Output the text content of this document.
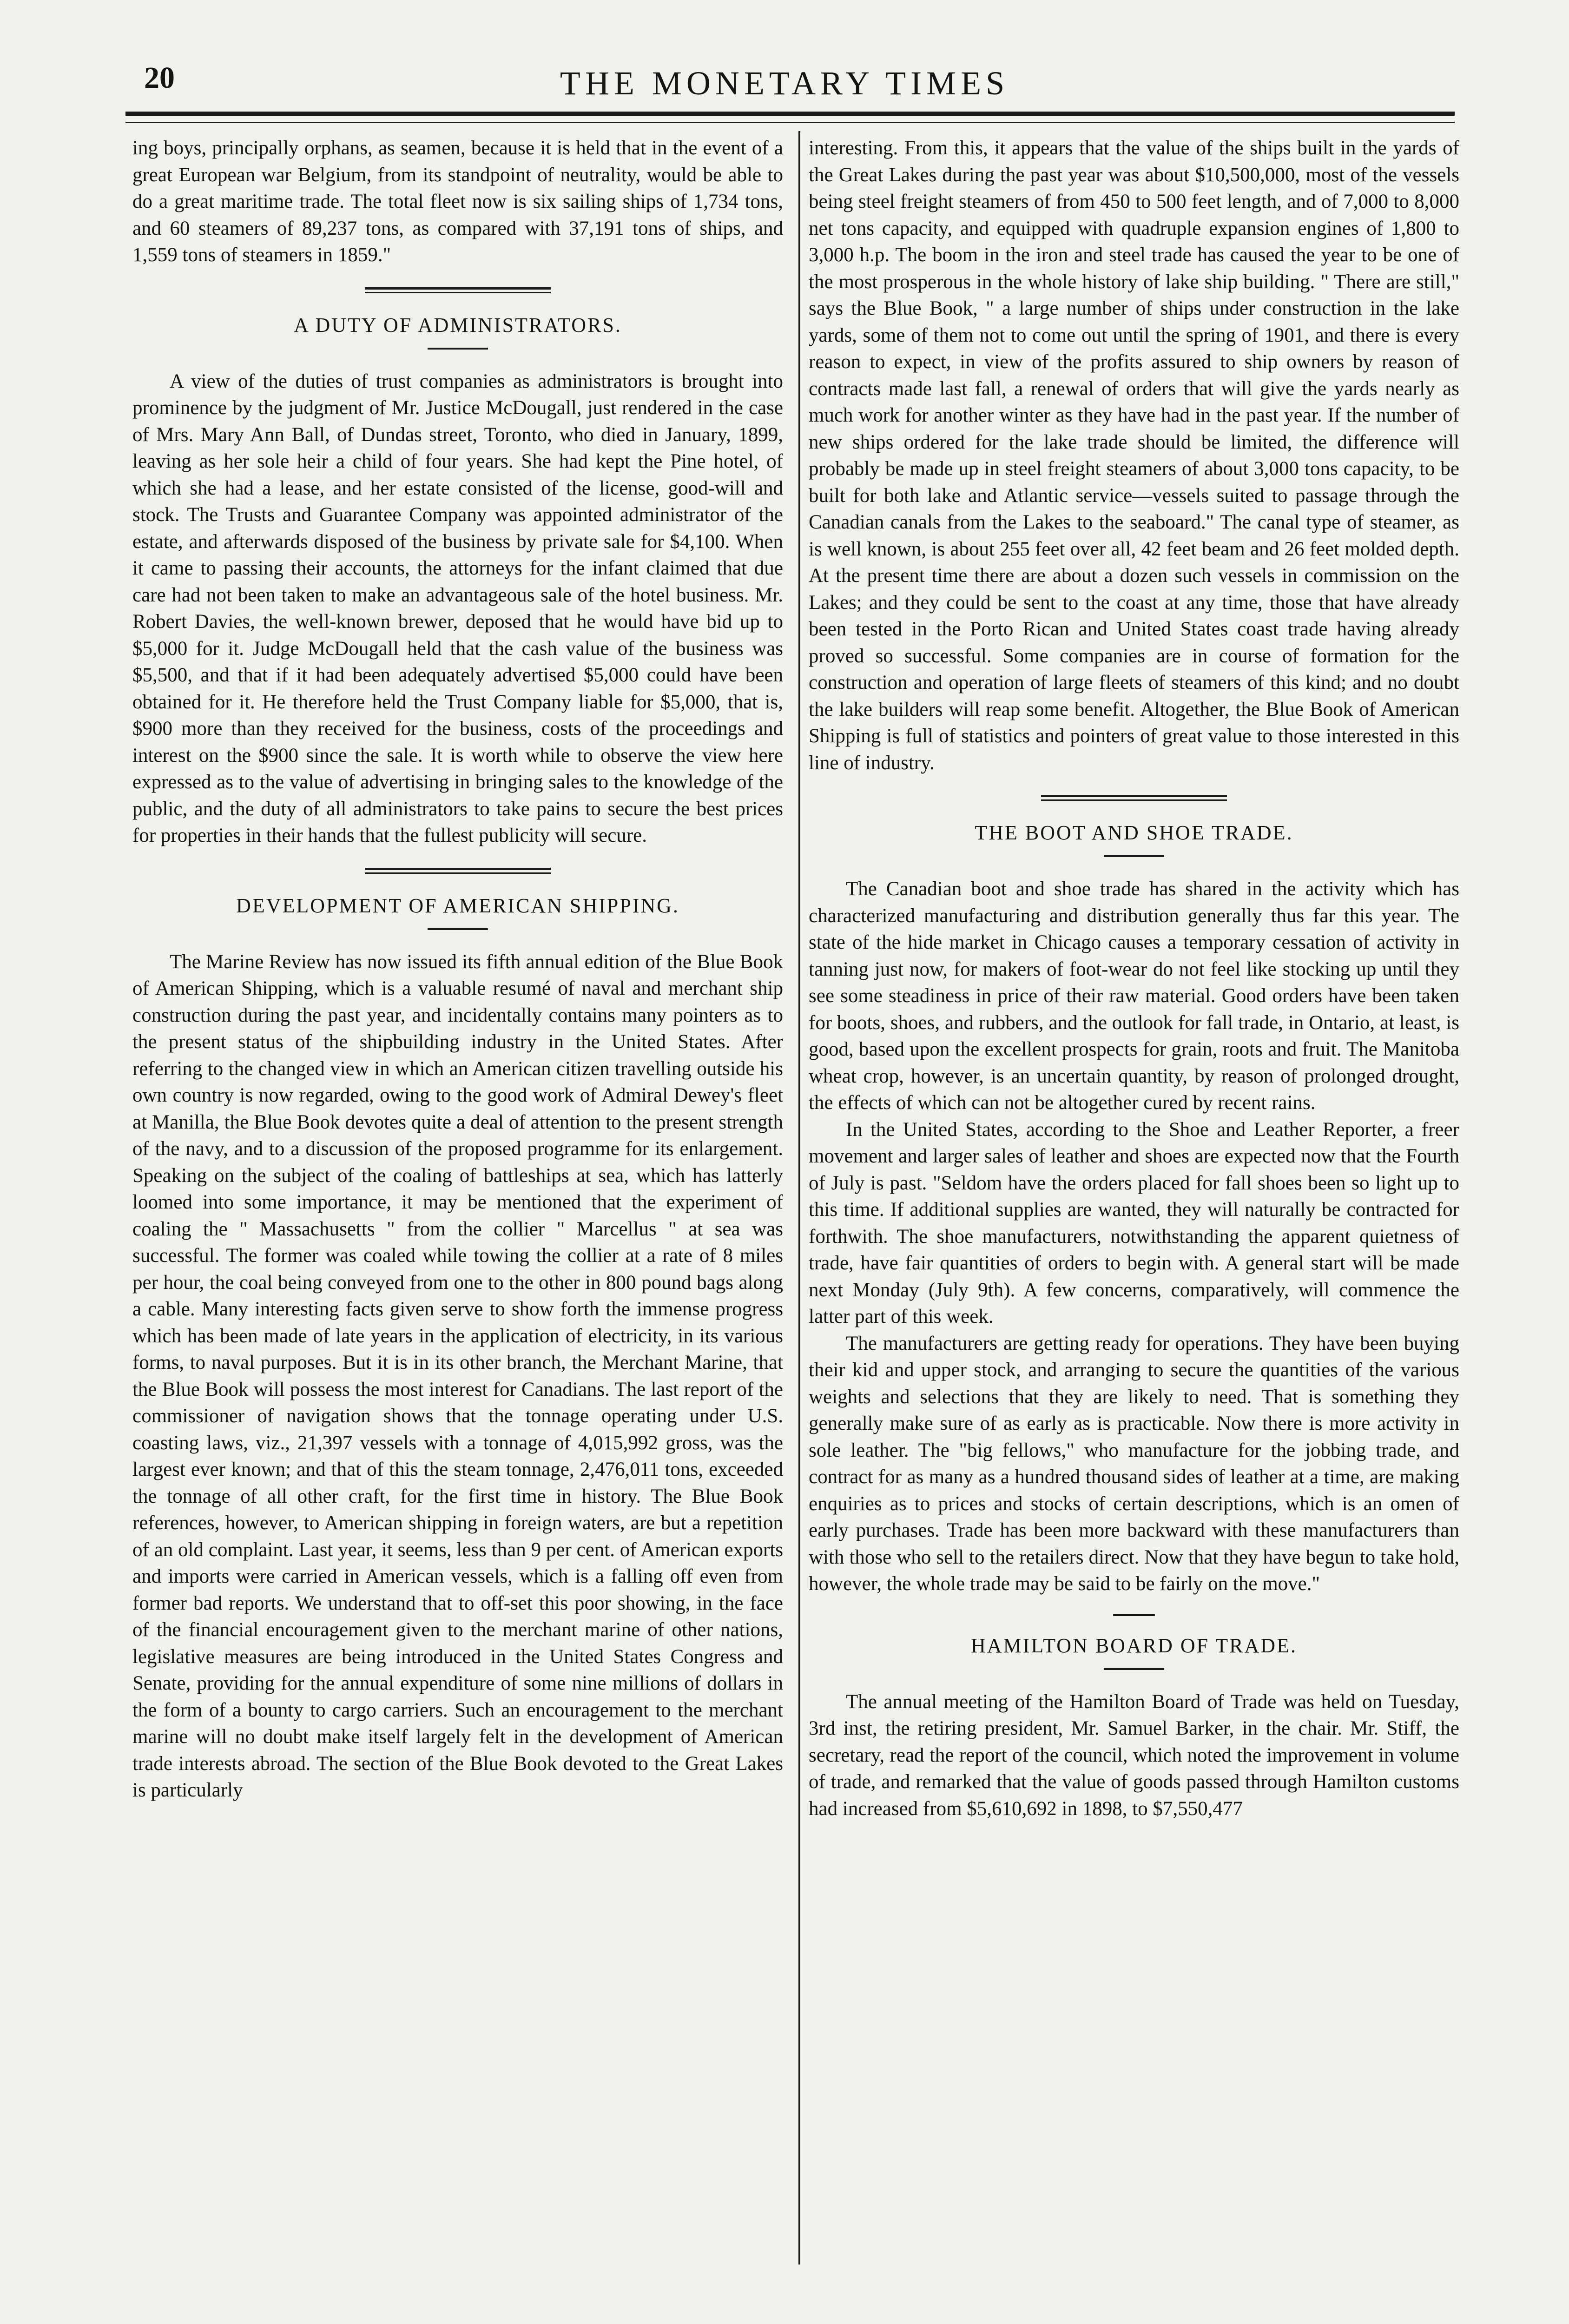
20	THE MONETARY TIMES

ing boys, principally orphans, as seamen, because it is held that in the event of a great European war Belgium, from its standpoint of neutrality, would be able to do a great maritime trade. The total fleet now is six sailing ships of 1,734 tons, and 60 steamers of 89,237 tons, as compared with 37,191 tons of ships, and 1,559 tons of steamers in 1859."

A DUTY OF ADMINISTRATORS.

A view of the duties of trust companies as administrators is brought into prominence by the judgment of Mr. Justice McDougall, just rendered in the case of Mrs. Mary Ann Ball, of Dundas street, Toronto, who died in January, 1899, leaving as her sole heir a child of four years. She had kept the Pine hotel, of which she had a lease, and her estate consisted of the license, good-will and stock. The Trusts and Guarantee Company was appointed administrator of the estate, and afterwards disposed of the business by private sale for $4,100. When it came to passing their accounts, the attorneys for the infant claimed that due care had not been taken to make an advantageous sale of the hotel business. Mr. Robert Davies, the well-known brewer, deposed that he would have bid up to $5,000 for it. Judge McDougall held that the cash value of the business was $5,500, and that if it had been adequately advertised $5,000 could have been obtained for it. He therefore held the Trust Company liable for $5,000, that is, $900 more than they received for the business, costs of the proceedings and interest on the $900 since the sale. It is worth while to observe the view here expressed as to the value of advertising in bringing sales to the knowledge of the public, and the duty of all administrators to take pains to secure the best prices for properties in their hands that the fullest publicity will secure.

DEVELOPMENT OF AMERICAN SHIPPING.

The Marine Review has now issued its fifth annual edition of the Blue Book of American Shipping, which is a valuable resumé of naval and merchant ship construction during the past year, and incidentally contains many pointers as to the present status of the shipbuilding industry in the United States. After referring to the changed view in which an American citizen travelling outside his own country is now regarded, owing to the good work of Admiral Dewey's fleet at Manilla, the Blue Book devotes quite a deal of attention to the present strength of the navy, and to a discussion of the proposed programme for its enlargement. Speaking on the subject of the coaling of battleships at sea, which has latterly loomed into some importance, it may be mentioned that the experiment of coaling the " Massachusetts " from the collier " Marcellus " at sea was successful. The former was coaled while towing the collier at a rate of 8 miles per hour, the coal being conveyed from one to the other in 800 pound bags along a cable. Many interesting facts given serve to show forth the immense progress which has been made of late years in the application of electricity, in its various forms, to naval purposes. But it is in its other branch, the Merchant Marine, that the Blue Book will possess the most interest for Canadians. The last report of the commissioner of navigation shows that the tonnage operating under U.S. coasting laws, viz., 21,397 vessels with a tonnage of 4,015,992 gross, was the largest ever known; and that of this the steam tonnage, 2,476,011 tons, exceeded the tonnage of all other craft, for the first time in history. The Blue Book references, however, to American shipping in foreign waters, are but a repetition of an old complaint. Last year, it seems, less than 9 per cent. of American exports and imports were carried in American vessels, which is a falling off even from former bad reports. We understand that to off-set this poor showing, in the face of the financial encouragement given to the merchant marine of other nations, legislative measures are being introduced in the United States Congress and Senate, providing for the annual expenditure of some nine millions of dollars in the form of a bounty to cargo carriers. Such an encouragement to the merchant marine will no doubt make itself largely felt in the development of American trade interests abroad. The section of the Blue Book devoted to the Great Lakes is particularly

interesting. From this, it appears that the value of the ships built in the yards of the Great Lakes during the past year was about $10,500,000, most of the vessels being steel freight steamers of from 450 to 500 feet length, and of 7,000 to 8,000 net tons capacity, and equipped with quadruple expansion engines of 1,800 to 3,000 h.p. The boom in the iron and steel trade has caused the year to be one of the most prosperous in the whole history of lake ship building. " There are still," says the Blue Book, " a large number of ships under construction in the lake yards, some of them not to come out until the spring of 1901, and there is every reason to expect, in view of the profits assured to ship owners by reason of contracts made last fall, a renewal of orders that will give the yards nearly as much work for another winter as they have had in the past year. If the number of new ships ordered for the lake trade should be limited, the difference will probably be made up in steel freight steamers of about 3,000 tons capacity, to be built for both lake and Atlantic service—vessels suited to passage through the Canadian canals from the Lakes to the seaboard." The canal type of steamer, as is well known, is about 255 feet over all, 42 feet beam and 26 feet molded depth. At the present time there are about a dozen such vessels in commission on the Lakes; and they could be sent to the coast at any time, those that have already been tested in the Porto Rican and United States coast trade having already proved so successful. Some companies are in course of formation for the construction and operation of large fleets of steamers of this kind; and no doubt the lake builders will reap some benefit. Altogether, the Blue Book of American Shipping is full of statistics and pointers of great value to those interested in this line of industry.

THE BOOT AND SHOE TRADE.

The Canadian boot and shoe trade has shared in the activity which has characterized manufacturing and distribution generally thus far this year. The state of the hide market in Chicago causes a temporary cessation of activity in tanning just now, for makers of foot-wear do not feel like stocking up until they see some steadiness in price of their raw material. Good orders have been taken for boots, shoes, and rubbers, and the outlook for fall trade, in Ontario, at least, is good, based upon the excellent prospects for grain, roots and fruit. The Manitoba wheat crop, however, is an uncertain quantity, by reason of prolonged drought, the effects of which can not be altogether cured by recent rains.

In the United States, according to the Shoe and Leather Reporter, a freer movement and larger sales of leather and shoes are expected now that the Fourth of July is past. "Seldom have the orders placed for fall shoes been so light up to this time. If additional supplies are wanted, they will naturally be contracted for forthwith. The shoe manufacturers, notwithstanding the apparent quietness of trade, have fair quantities of orders to begin with. A general start will be made next Monday (July 9th). A few concerns, comparatively, will commence the latter part of this week.

The manufacturers are getting ready for operations. They have been buying their kid and upper stock, and arranging to secure the quantities of the various weights and selections that they are likely to need. That is something they generally make sure of as early as is practicable. Now there is more activity in sole leather. The "big fellows," who manufacture for the jobbing trade, and contract for as many as a hundred thousand sides of leather at a time, are making enquiries as to prices and stocks of certain descriptions, which is an omen of early purchases. Trade has been more backward with these manufacturers than with those who sell to the retailers direct. Now that they have begun to take hold, however, the whole trade may be said to be fairly on the move."

HAMILTON BOARD OF TRADE.

The annual meeting of the Hamilton Board of Trade was held on Tuesday, 3rd inst, the retiring president, Mr. Samuel Barker, in the chair. Mr. Stiff, the secretary, read the report of the council, which noted the improvement in volume of trade, and remarked that the value of goods passed through Hamilton customs had increased from $5,610,692 in 1898, to $7,550,477
